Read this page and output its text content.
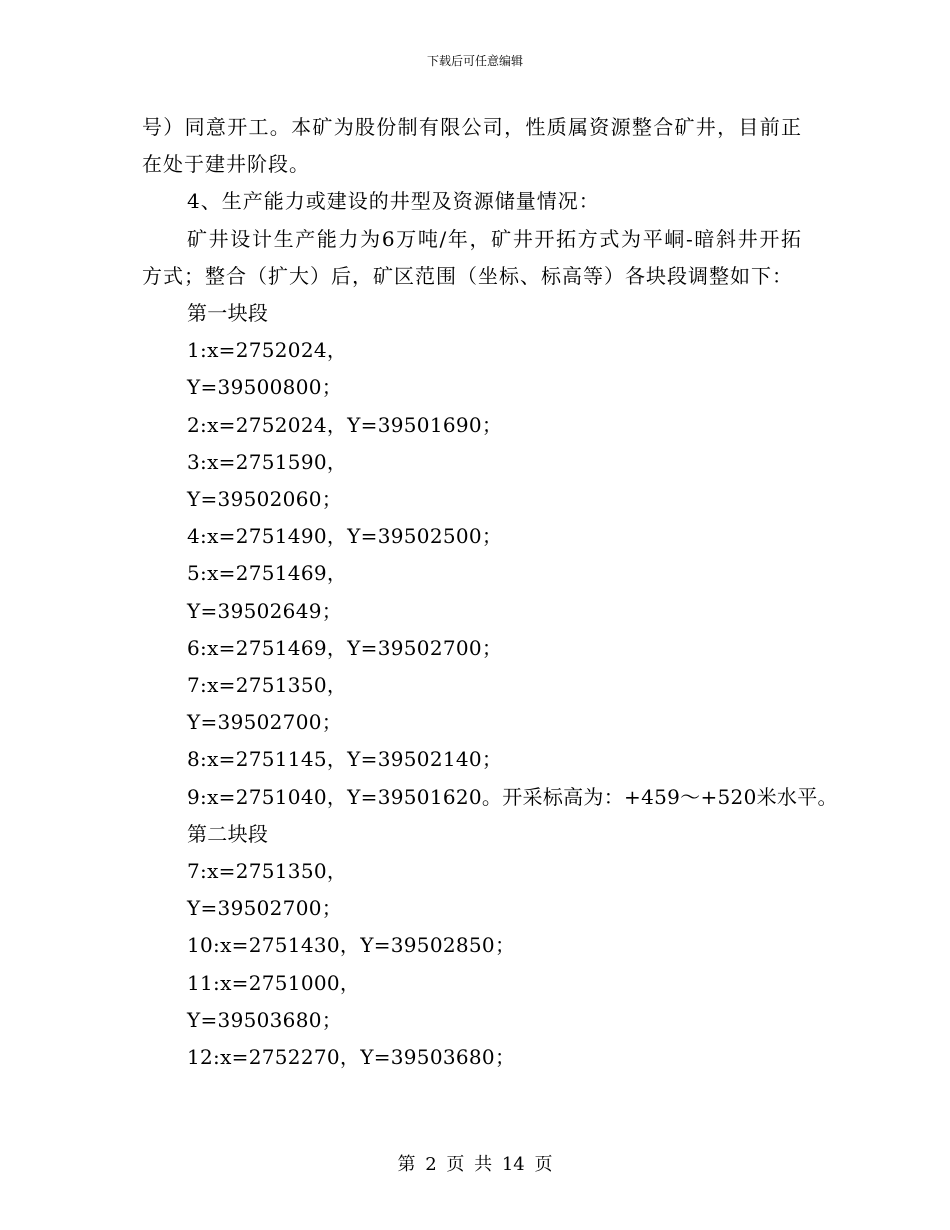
下载后可任意编辑

号）同意开工。本矿为股份制有限公司，性质属资源整合矿井，目前正在处于建井阶段。

4、生产能力或建设的井型及资源储量情况：

矿井设计生产能力为6万吨/年，矿井开拓方式为平峒-暗斜井开拓方式；整合（扩大）后，矿区范围（坐标、标高等）各块段调整如下：

第一块段

1:x=2752024，

Y=39500800；

2:x=2752024，Y=39501690；

3:x=2751590，

Y=39502060；

4:x=2751490，Y=39502500；

5:x=2751469，

Y=39502649；

6:x=2751469，Y=39502700；

7:x=2751350，

Y=39502700；

8:x=2751145，Y=39502140；

9:x=2751040，Y=39501620。开采标高为：+459～+520米水平。

第二块段

7:x=2751350，

Y=39502700；

10:x=2751430，Y=39502850；

11:x=2751000，

Y=39503680；

12:x=2752270，Y=39503680；

第 2 页 共 14 页
